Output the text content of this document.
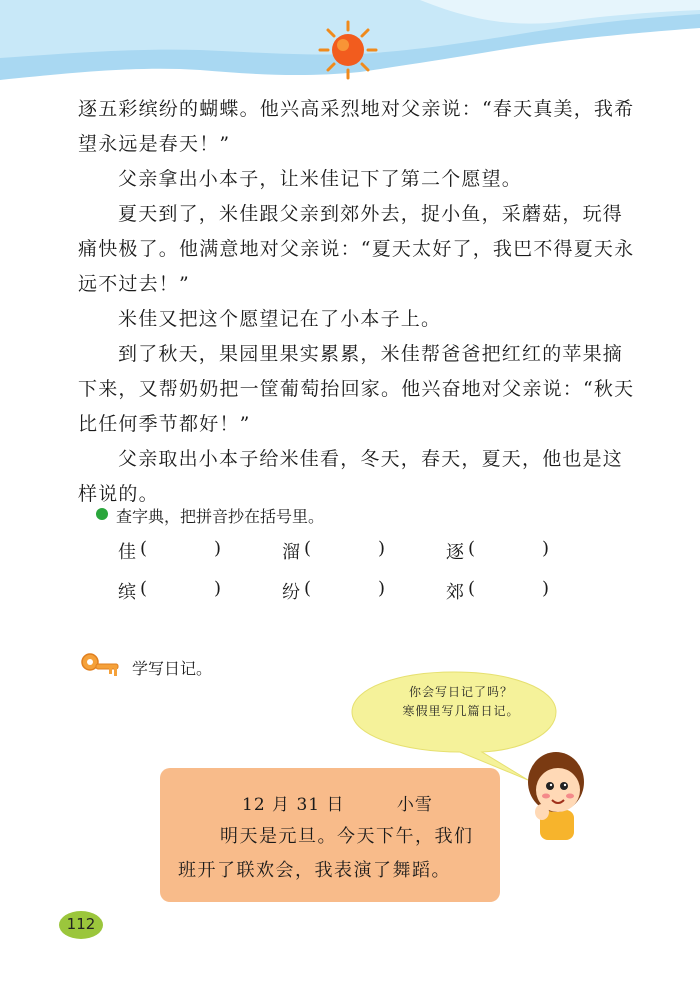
逐五彩缤纷的蝴蝶。他兴高采烈地对父亲说：“春天真美，我希望永远是春天！”

父亲拿出小本子，让米佳记下了第二个愿望。

夏天到了，米佳跟父亲到郊外去，捉小鱼，采蘑菇，玩得痛快极了。他满意地对父亲说：“夏天太好了，我巴不得夏天永远不过去！”

米佳又把这个愿望记在了小本子上。

到了秋天，果园里果实累累，米佳帮爸爸把红红的苹果摘下来，又帮奶奶把一筐葡萄抬回家。他兴奋地对父亲说：“秋天比任何季节都好！”

父亲取出小本子给米佳看，冬天，春天，夏天，他也是这样说的。

查字典，把拼音抄在括号里。
佳 (	)	溜 (	)	逐 (	)
缤 (	)	纷 (	)	郊 (	)
学写日记。
你会写日记了吗？
寒假里写几篇日记。
12 月 31 日	小雪

明天是元旦。今天下午，我们班开了联欢会，我表演了舞蹈。

112
